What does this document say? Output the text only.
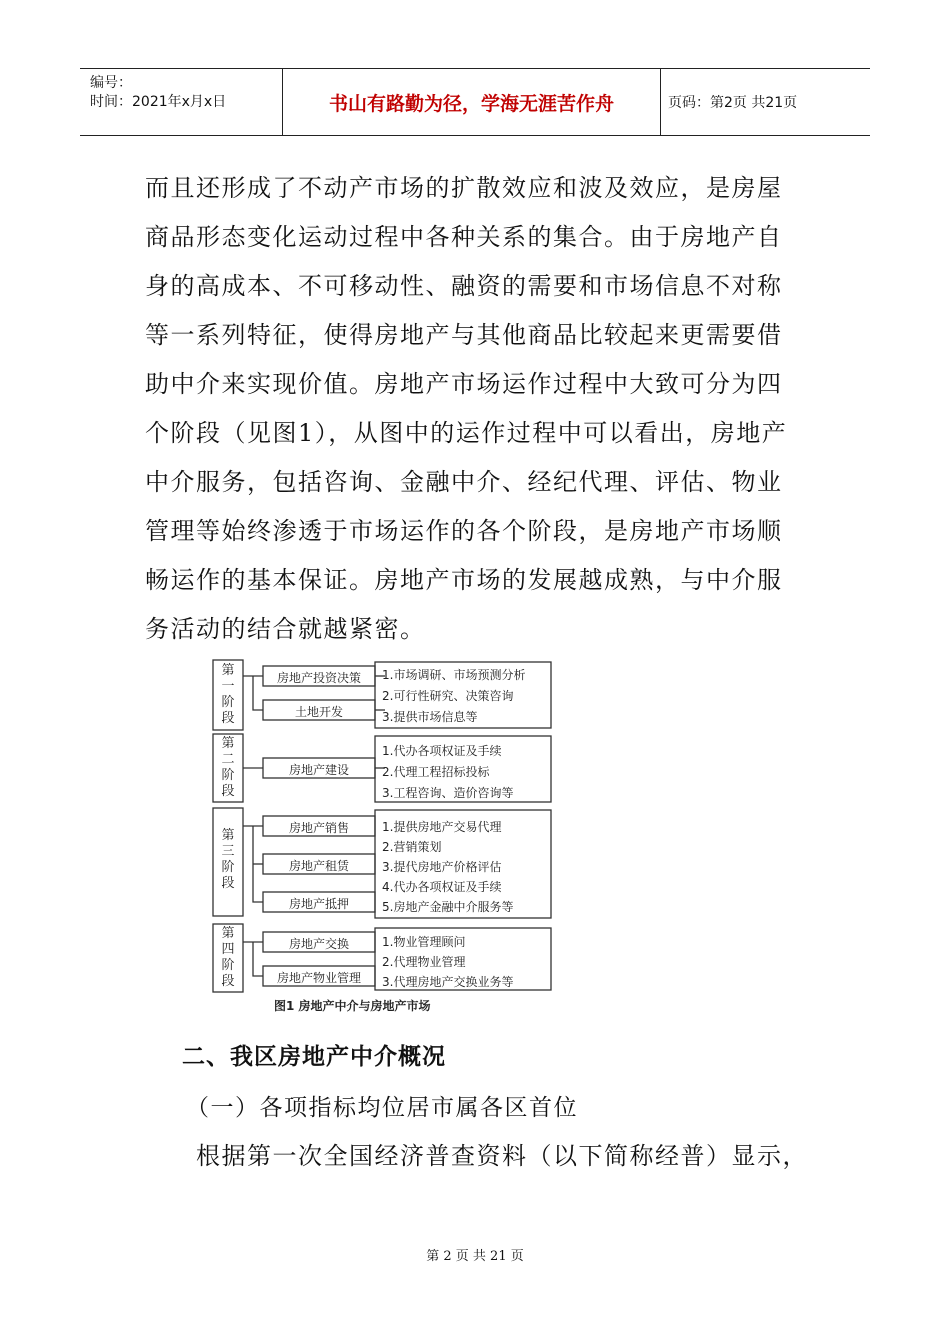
编号：
时间：2021年x月x日	书山有路勤为径，学海无涯苦作舟	页码：第2页 共21页
而且还形成了不动产市场的扩散效应和波及效应，是房屋
商品形态变化运动过程中各种关系的集合。由于房地产自
身的高成本、不可移动性、融资的需要和市场信息不对称
等一系列特征，使得房地产与其他商品比较起来更需要借
助中介来实现价值。房地产市场运作过程中大致可分为四
个阶段（见图1），从图中的运作过程中可以看出，房地产
中介服务，包括咨询、金融中介、经纪代理、评估、物业
管理等始终渗透于市场运作的各个阶段，是房地产市场顺
畅运作的基本保证。房地产市场的发展越成熟，与中介服
务活动的结合就越紧密。
第
一
阶
段
第
二
阶
段
第
三
阶
段
第
四
阶
段
房地产投资决策
土地开发
房地产建设
房地产销售
房地产租赁
房地产抵押
房地产交换
房地产物业管理
1.市场调研、市场预测分析
2.可行性研究、决策咨询
3.提供市场信息等
1.代办各项权证及手续
2.代理工程招标投标
3.工程咨询、造价咨询等
1.提供房地产交易代理
2.营销策划
3.提代房地产价格评估
4.代办各项权证及手续
5.房地产金融中介服务等
1.物业管理顾问
2.代理物业管理
3.代理房地产交换业务等
图1 房地产中介与房地产市场
二、我区房地产中介概况
（一）各项指标均位居市属各区首位
根据第一次全国经济普查资料（以下简称经普）显示，
第 2 页 共 21 页
